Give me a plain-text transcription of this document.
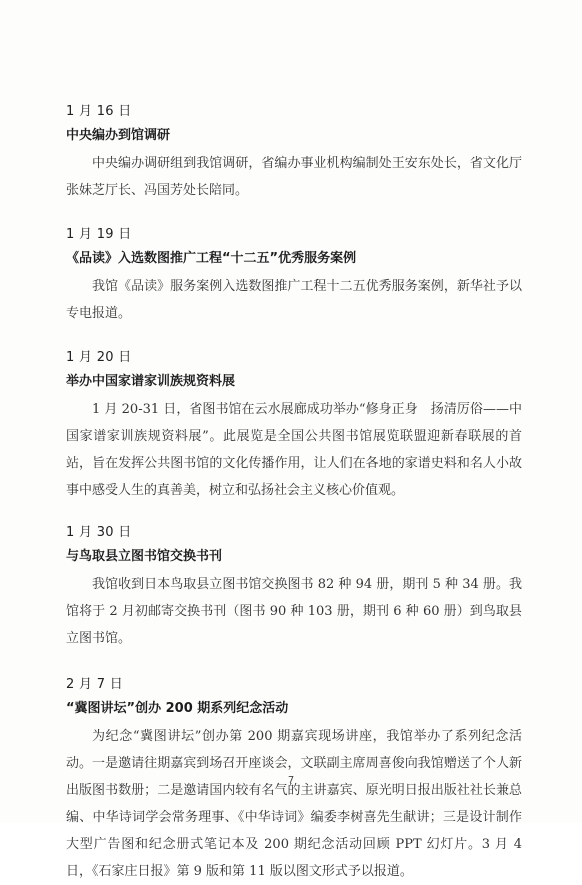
1 月 16 日
中央编办到馆调研

中央编办调研组到我馆调研，省编办事业机构编制处王安东处长，省文化厅张妹芝厅长、冯国芳处长陪同。

1 月 19 日
《品读》入选数图推广工程“十二五”优秀服务案例

我馆《品读》服务案例入选数图推广工程十二五优秀服务案例，新华社予以专电报道。

1 月 20 日
举办中国家谱家训族规资料展

1 月 20-31 日，省图书馆在云水展廊成功举办“修身正身　扬清厉俗——中国家谱家训族规资料展”。此展览是全国公共图书馆展览联盟迎新春联展的首站，旨在发挥公共图书馆的文化传播作用，让人们在各地的家谱史料和名人小故事中感受人生的真善美，树立和弘扬社会主义核心价值观。

1 月 30 日
与鸟取县立图书馆交换书刊

我馆收到日本鸟取县立图书馆交换图书 82 种 94 册，期刊 5 种 34 册。我馆将于 2 月初邮寄交换书刊（图书 90 种 103 册，期刊 6 种 60 册）到鸟取县立图书馆。

2 月 7 日
“冀图讲坛”创办 200 期系列纪念活动

为纪念“冀图讲坛”创办第 200 期嘉宾现场讲座，我馆举办了系列纪念活动。一是邀请往期嘉宾到场召开座谈会，文联副主席周喜俊向我馆赠送了个人新出版图书数册；二是邀请国内较有名气的主讲嘉宾、原光明日报出版社社长兼总编、中华诗词学会常务理事、《中华诗词》编委李树喜先生献讲；三是设计制作大型广告图和纪念册式笔记本及 200 期纪念活动回顾 PPT 幻灯片。3 月 4 日，《石家庄日报》第 9 版和第 11 版以图文形式予以报道。

7
